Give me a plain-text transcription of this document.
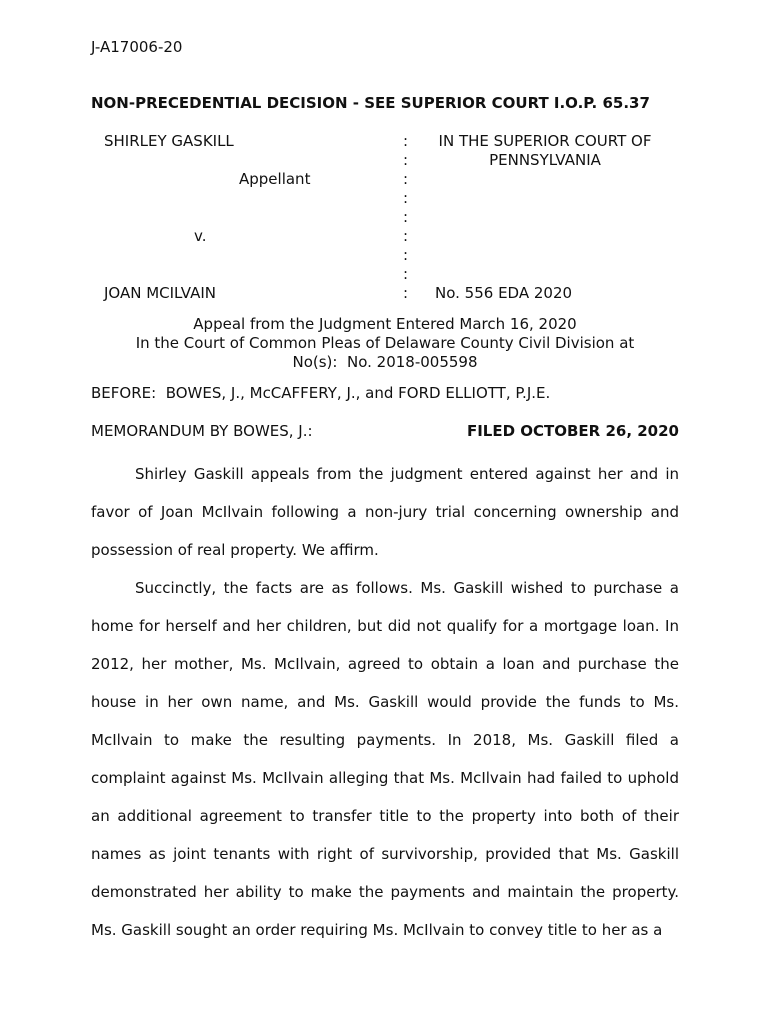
J-A17006-20
NON-PRECEDENTIAL DECISION - SEE SUPERIOR COURT I.O.P. 65.37
SHIRLEY GASKILL
Appellant
v.
JOAN MCILVAIN
IN THE SUPERIOR COURT OF
PENNSYLVANIA
No. 556 EDA 2020
:
:
:
:
:
:
:
:
:
Appeal from the Judgment Entered March 16, 2020
In the Court of Common Pleas of Delaware County Civil Division at
No(s):  No. 2018-005598
BEFORE:  BOWES, J., McCAFFERY, J., and FORD ELLIOTT, P.J.E.
MEMORANDUM BY BOWES, J.:	FILED OCTOBER 26, 2020

Shirley Gaskill appeals from the judgment entered against her and in favor of Joan McIlvain following a non-jury trial concerning ownership and possession of real property. We affirm.

Succinctly, the facts are as follows. Ms. Gaskill wished to purchase a home for herself and her children, but did not qualify for a mortgage loan. In 2012, her mother, Ms. McIlvain, agreed to obtain a loan and purchase the house in her own name, and Ms. Gaskill would provide the funds to Ms. McIlvain to make the resulting payments. In 2018, Ms. Gaskill filed a complaint against Ms. McIlvain alleging that Ms. McIlvain had failed to uphold an additional agreement to transfer title to the property into both of their names as joint tenants with right of survivorship, provided that Ms. Gaskill demonstrated her ability to make the payments and maintain the property. Ms. Gaskill sought an order requiring Ms. McIlvain to convey title to her as a
